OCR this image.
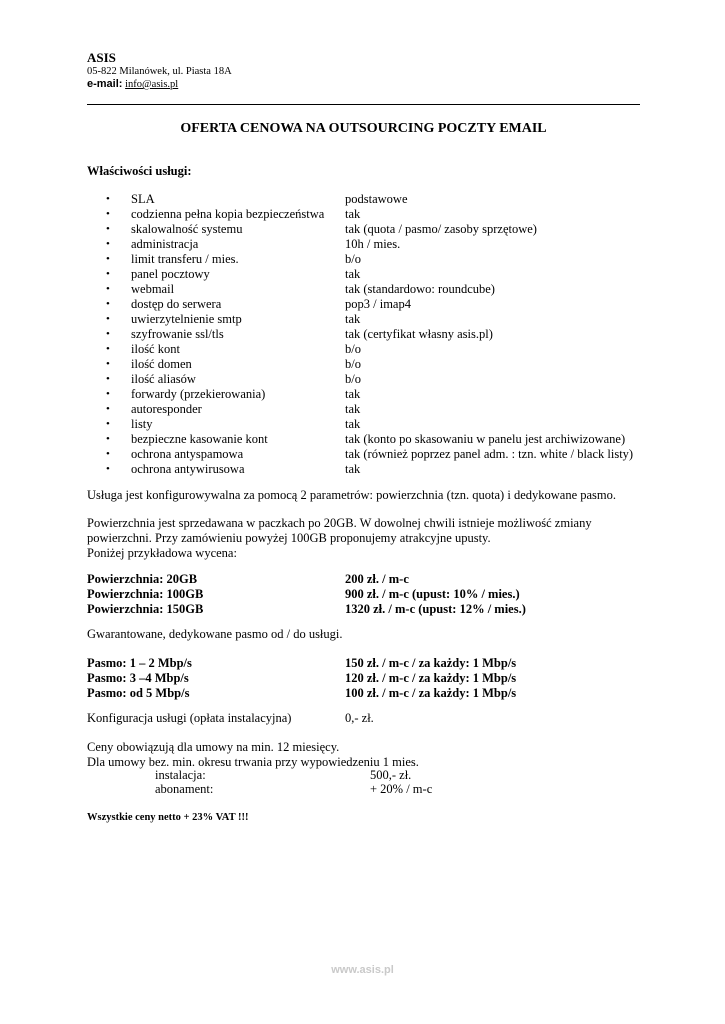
ASIS
05-822 Milanówek, ul. Piasta 18A
e-mail: info@asis.pl
OFERTA CENOWA NA OUTSOURCING POCZTY EMAIL
Właściwości usługi:
• SLA	podstawowe
• codzienna pełna kopia bezpieczeństwa tak
• skalowalność systemu	tak (quota / pasmo/ zasoby sprzętowe)
• administracja	10h / mies.
• limit transferu / mies.	b/o
• panel pocztowy	tak
• webmail	tak (standardowo: roundcube)
• dostęp do serwera	pop3 / imap4
• uwierzytelnienie smtp	tak
• szyfrowanie ssl/tls	tak (certyfikat własny asis.pl)
• ilość kont	b/o
• ilość domen	b/o
• ilość aliasów	b/o
• forwardy (przekierowania)	tak
• autoresponder	tak
• listy	tak
• bezpieczne kasowanie kont	tak (konto po skasowaniu w panelu jest archiwizowane)
• ochrona antyspamowa	tak (również poprzez panel adm. : tzn. white / black listy)
• ochrona antywirusowa	tak
Usługa jest konfigurowywalna za pomocą 2 parametrów: powierzchnia (tzn. quota) i dedykowane pasmo.
Powierzchnia jest sprzedawana w paczkach po 20GB. W dowolnej chwili istnieje możliwość zmiany
powierzchni. Przy zamówieniu powyżej 100GB proponujemy atrakcyjne upusty.
Poniżej przykładowa wycena:
Powierzchnia: 20GB	200 zł. / m-c
Powierzchnia: 100GB	900 zł. / m-c (upust: 10% / mies.)
Powierzchnia: 150GB	1320 zł. / m-c (upust: 12% / mies.)
Gwarantowane, dedykowane pasmo od / do usługi.
Pasmo: 1 – 2 Mbp/s	150 zł. / m-c / za każdy: 1 Mbp/s
Pasmo: 3 –4 Mbp/s	120 zł. / m-c / za każdy: 1 Mbp/s
Pasmo: od 5 Mbp/s	100 zł. / m-c / za każdy: 1 Mbp/s
Konfiguracja usługi (opłata instalacyjna)	0,- zł.
Ceny obowiązują dla umowy na min. 12 miesięcy.
Dla umowy bez. min. okresu trwania przy wypowiedzeniu 1 mies.
instalacja:	500,- zł.
abonament:	+ 20% / m-c
Wszystkie ceny netto + 23% VAT !!!
www.asis.pl
